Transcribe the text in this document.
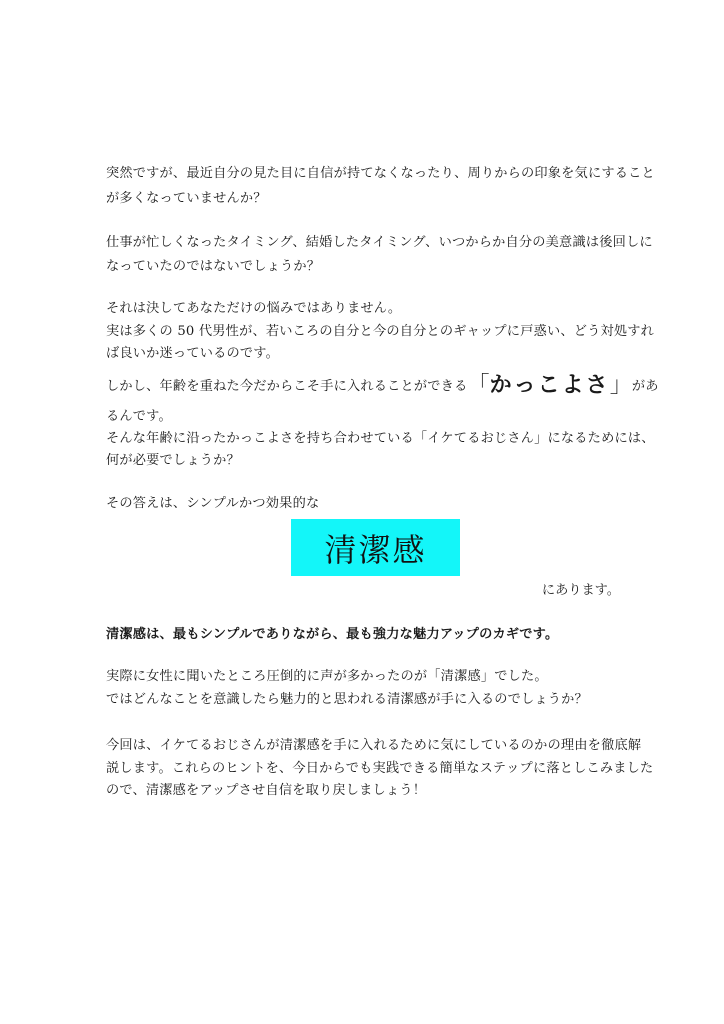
突然ですが、最近自分の見た目に自信が持てなくなったり、周りからの印象を気にすること
が多くなっていませんか？
仕事が忙しくなったタイミング、結婚したタイミング、いつからか自分の美意識は後回しに
なっていたのではないでしょうか？
それは決してあなただけの悩みではありません。
実は多くの 50 代男性が、若いころの自分と今の自分とのギャップに戸惑い、どう対処すれ
ば良いか迷っているのです。
しかし、年齢を重ねた今だからこそ手に入れることができる「かっこよさ」があ
るんです。
そんな年齢に沿ったかっこよさを持ち合わせている「イケてるおじさん」になるためには、
何が必要でしょうか？
その答えは、シンプルかつ効果的な
清潔感
にあります。
清潔感は、最もシンプルでありながら、最も強力な魅力アップのカギです。
実際に女性に聞いたところ圧倒的に声が多かったのが「清潔感」でした。
ではどんなことを意識したら魅力的と思われる清潔感が手に入るのでしょうか？
今回は、イケてるおじさんが清潔感を手に入れるために気にしているのかの理由を徹底解
説します。これらのヒントを、今日からでも実践できる簡単なステップに落としこみました
ので、清潔感をアップさせ自信を取り戻しましょう！
